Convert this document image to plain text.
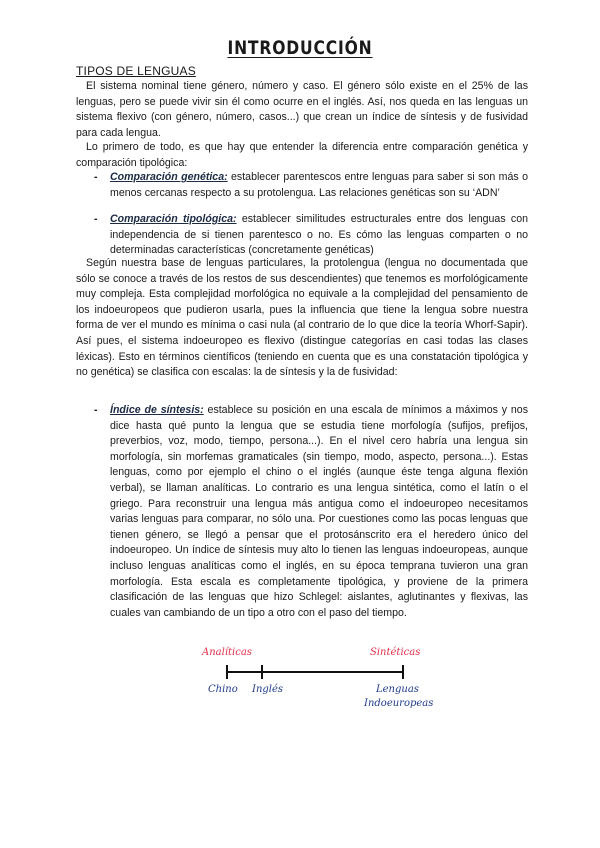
INTRODUCCIÓN
TIPOS DE LENGUAS

El sistema nominal tiene género, número y caso. El género sólo existe en el 25% de las lenguas, pero se puede vivir sin él como ocurre en el inglés. Así, nos queda en las lenguas un sistema flexivo (con género, número, casos...) que crean un índice de síntesis y de fusividad para cada lengua.

Lo primero de todo, es que hay que entender la diferencia entre comparación genética y comparación tipológica:

- Comparación genética: establecer parentescos entre lenguas para saber si son más o menos cercanas respecto a su protolengua. Las relaciones genéticas son su ‘ADN’
- Comparación tipológica: establecer similitudes estructurales entre dos lenguas con independencia de si tienen parentesco o no. Es cómo las lenguas comparten o no determinadas características (concretamente genéticas)

Según nuestra base de lenguas particulares, la protolengua (lengua no documentada que sólo se conoce a través de los restos de sus descendientes) que tenemos es morfológicamente muy compleja. Esta complejidad morfológica no equivale a la complejidad del pensamiento de los indoeuropeos que pudieron usarla, pues la influencia que tiene la lengua sobre nuestra forma de ver el mundo es mínima o casi nula (al contrario de lo que dice la teoría Whorf-Sapir). Así pues, el sistema indoeuropeo es flexivo (distingue categorías en casi todas las clases léxicas). Esto en términos científicos (teniendo en cuenta que es una constatación tipológica y no genética) se clasifica con escalas: la de síntesis y la de fusividad:

- Índice de síntesis: establece su posición en una escala de mínimos a máximos y nos dice hasta qué punto la lengua que se estudia tiene morfología (sufijos, prefijos, preverbios, voz, modo, tiempo, persona...). En el nivel cero habría una lengua sin morfología, sin morfemas gramaticales (sin tiempo, modo, aspecto, persona...). Estas lenguas, como por ejemplo el chino o el inglés (aunque éste tenga alguna flexión verbal), se llaman analíticas. Lo contrario es una lengua sintética, como el latín o el griego. Para reconstruir una lengua más antigua como el indoeuropeo necesitamos varias lenguas para comparar, no sólo una. Por cuestiones como las pocas lenguas que tienen género, se llegó a pensar que el protosánscrito era el heredero único del indoeuropeo. Un índice de síntesis muy alto lo tienen las lenguas indoeuropeas, aunque incluso lenguas analíticas como el inglés, en su época temprana tuvieron una gran morfología. Esta escala es completamente tipológica, y proviene de la primera clasificación de las lenguas que hizo Schlegel: aislantes, aglutinantes y flexivas, las cuales van cambiando de un tipo a otro con el paso del tiempo.
Analíticas	Sintéticas
Chino Inglés	Lenguas
Indoeuropeas
